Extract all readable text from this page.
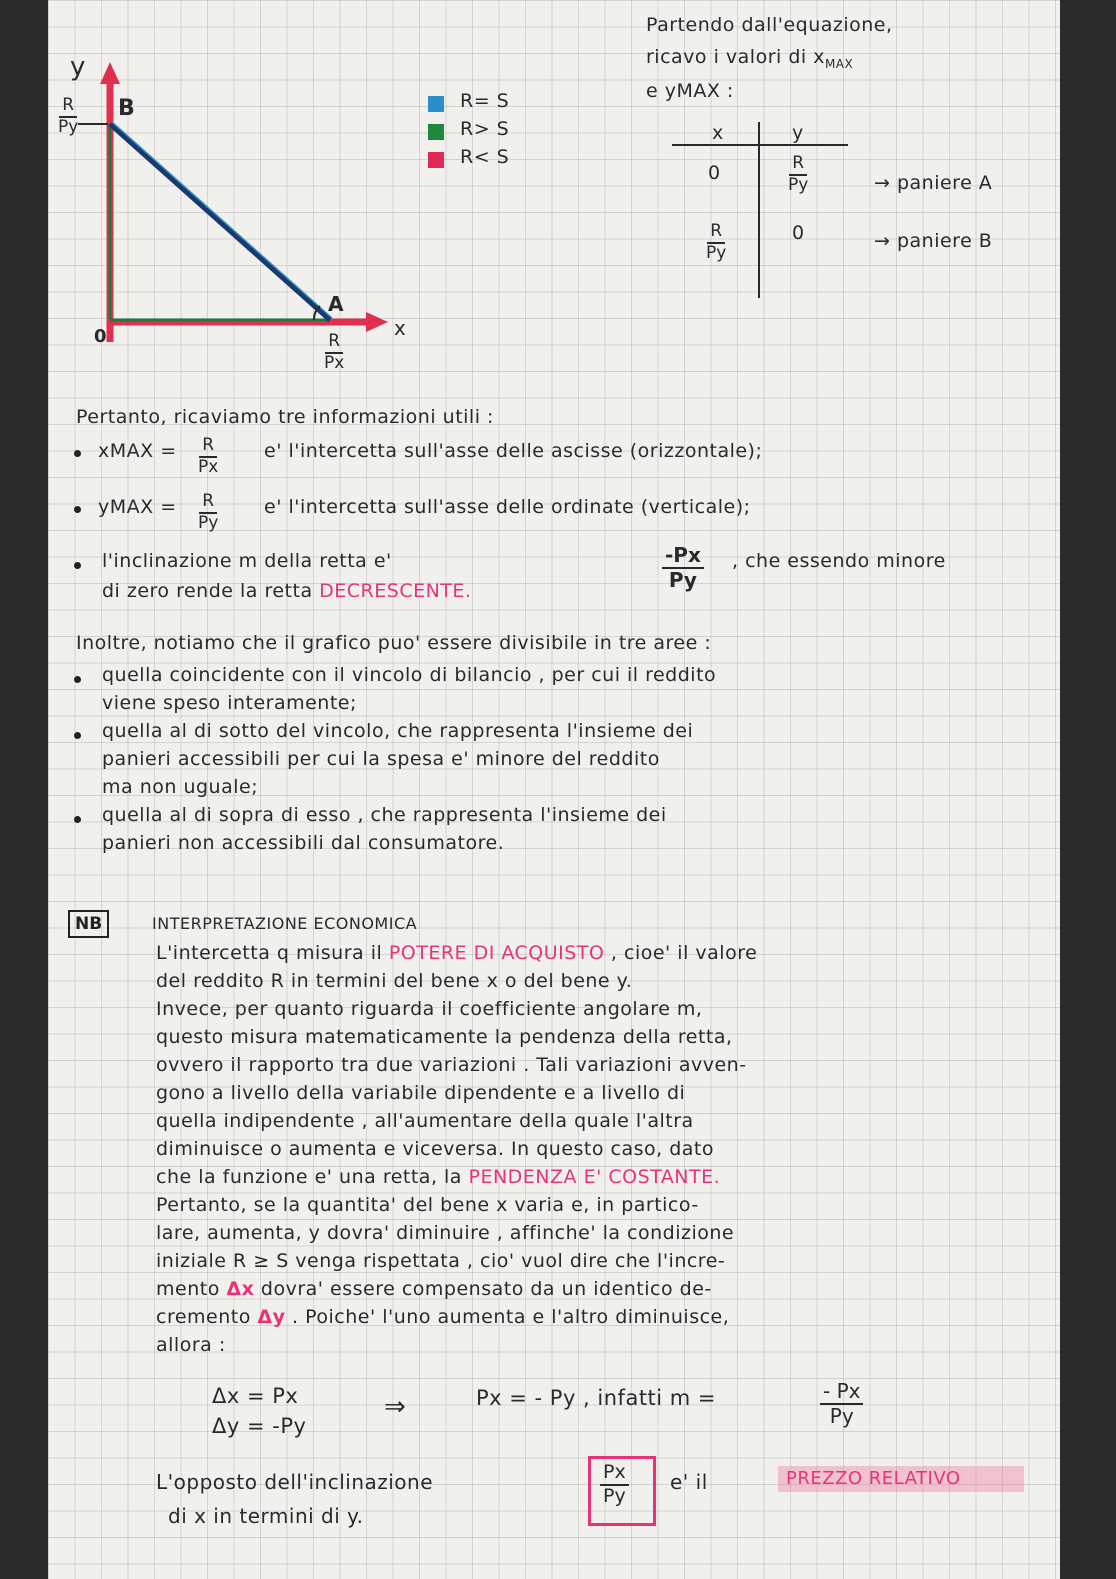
y
x
0
B
A
$\frac{R}{Py}$
$\frac{R}{Px}$
R= S
R> S
R< S
Partendo dall'equazione,
ricavo i valori di $x_{MAX}$
e yMAX :
x	y
0	$\frac{R}{Py}$	→ paniere A
$\frac{R}{Py}$	0	→ paniere B
Pertanto, ricaviamo tre informazioni utili :
xMAX = $\frac{R}{Px} e'$ l'intercetta sull'asse delle ascisse (orizzontale);
yMAX = $\frac{R}{Py} e'$ l'intercetta sull'asse delle ordinate (verticale);
l'inclinazione m della retta e'	$\frac{-Px}{Py}$ , che essendo minore
di zero rende la retta DECRESCENTE.
Inoltre, notiamo che il grafico puo' essere divisibile in tre aree :
quella coincidente con il vincolo di bilancio , per cui il reddito
viene speso interamente;
quella al di sotto del vincolo, che rappresenta l'insieme dei
panieri accessibili per cui la spesa e' minore del reddito
ma non uguale;
quella al di sopra di esso , che rappresenta l'insieme dei
panieri non accessibili dal consumatore.
NB	INTERPRETAZIONE ECONOMICA
L'intercetta q misura il POTERE DI ACQUISTO , cioe' il valore
del reddito R in termini del bene x o del bene y.
Invece, per quanto riguarda il coefficiente angolare m,
questo misura matematicamente la pendenza della retta,
ovvero il rapporto tra due variazioni . Tali variazioni avven-
gono a livello della variabile dipendente e a livello di
quella indipendente , all'aumentare della quale l'altra
diminuisce o aumenta e viceversa. In questo caso, dato
che la funzione e' una retta, la PENDENZA E' COSTANTE.
Pertanto, se la quantita' del bene x varia e, in partico-
lare, aumenta, y dovra' diminuire , affinche' la condizione
iniziale R ≥ S venga rispettata , cio' vuol dire che l'incre-
mento Δx dovra' essere compensato da un identico de-
cremento Δy . Poiche' l'uno aumenta e l'altro diminuisce,
allora :
Δx = Px
Δy = -Py
⇒	Px = - Py , infatti m =	$\frac{- Px}{Py}$
L'opposto dell'inclinazione	$\frac{Px}{Py} e'$ il	PREZZO RELATIVO
di x in termini di y.
